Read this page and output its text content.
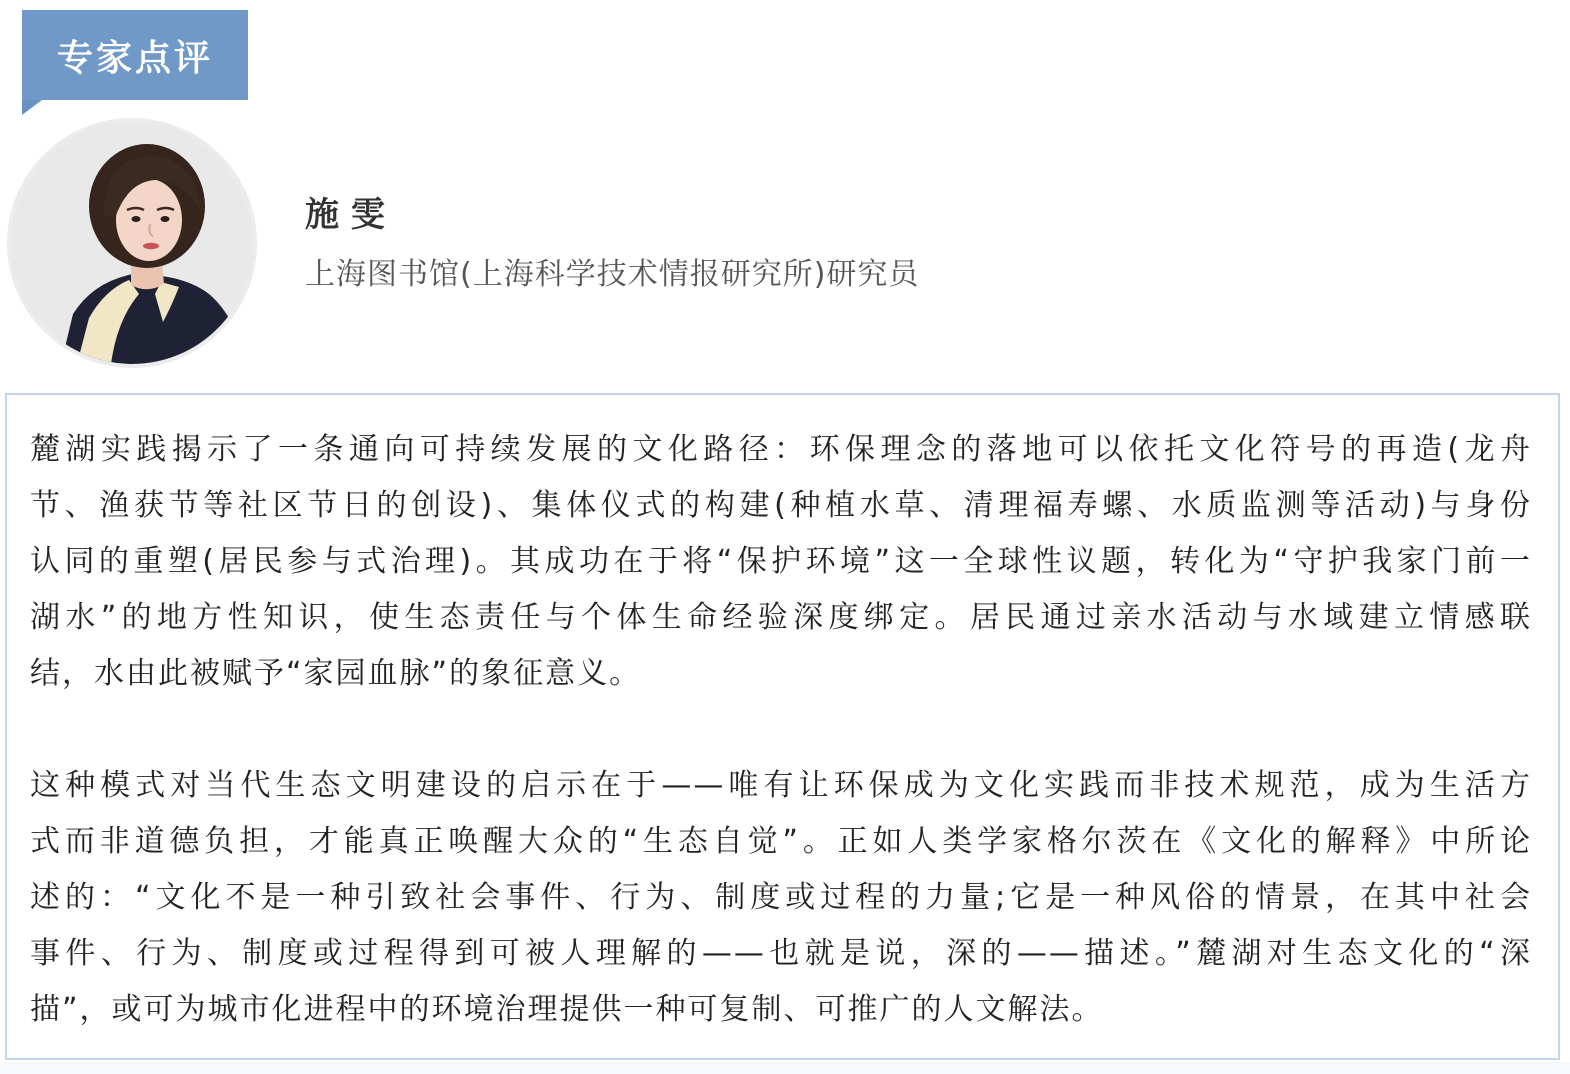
专家点评
施 雯
上海图书馆(上海科学技术情报研究所)研究员
麓湖实践揭示了一条通向可持续发展的文化路径：环保理念的落地可以依托文化符号的再造(龙舟
节、渔获节等社区节日的创设)、集体仪式的构建(种植水草、清理福寿螺、水质监测等活动)与身份
认同的重塑(居民参与式治理)。其成功在于将“保护环境”这一全球性议题，转化为“守护我家门前一
湖水”的地方性知识，使生态责任与个体生命经验深度绑定。居民通过亲水活动与水域建立情感联
结，水由此被赋予“家园血脉”的象征意义。
这种模式对当代生态文明建设的启示在于——唯有让环保成为文化实践而非技术规范，成为生活方
式而非道德负担，才能真正唤醒大众的“生态自觉”。正如人类学家格尔茨在《文化的解释》中所论
述的：“文化不是一种引致社会事件、行为、制度或过程的力量;它是一种风俗的情景，在其中社会
事件、行为、制度或过程得到可被人理解的——也就是说，深的——描述。”麓湖对生态文化的“深
描”，或可为城市化进程中的环境治理提供一种可复制、可推广的人文解法。
